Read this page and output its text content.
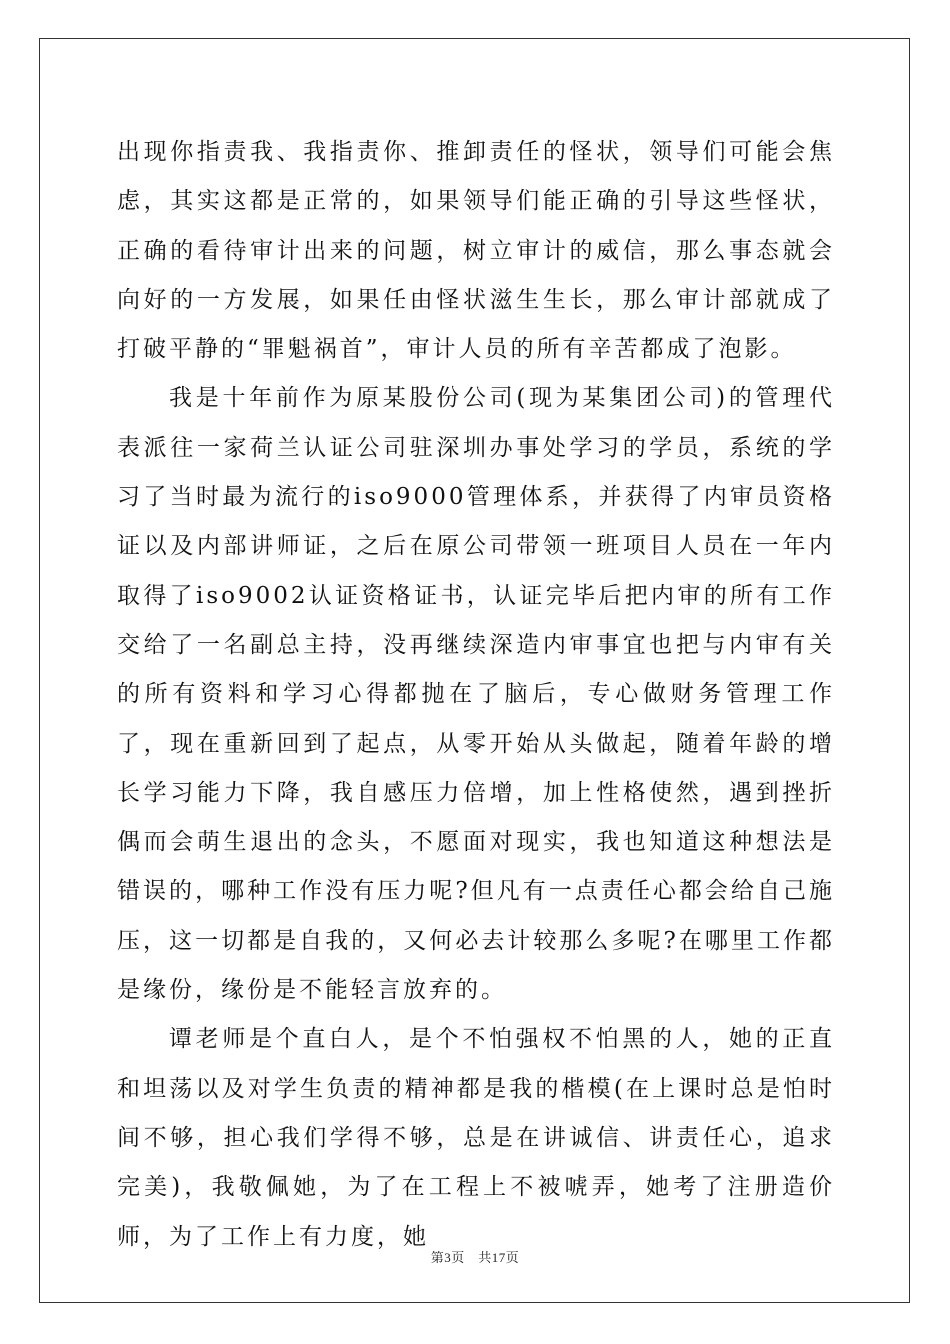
出现你指责我、我指责你、推卸责任的怪状，领导们可能会焦虑，其实这都是正常的，如果领导们能正确的引导这些怪状，正确的看待审计出来的问题，树立审计的威信，那么事态就会向好的一方发展，如果任由怪状滋生生长，那么审计部就成了打破平静的“罪魁祸首”，审计人员的所有辛苦都成了泡影。

我是十年前作为原某股份公司(现为某集团公司)的管理代表派往一家荷兰认证公司驻深圳办事处学习的学员，系统的学习了当时最为流行的iso9000管理体系，并获得了内审员资格证以及内部讲师证，之后在原公司带领一班项目人员在一年内取得了iso9002认证资格证书，认证完毕后把内审的所有工作交给了一名副总主持，没再继续深造内审事宜也把与内审有关的所有资料和学习心得都抛在了脑后，专心做财务管理工作了，现在重新回到了起点，从零开始从头做起，随着年龄的增长学习能力下降，我自感压力倍增，加上性格使然，遇到挫折偶而会萌生退出的念头，不愿面对现实，我也知道这种想法是错误的，哪种工作没有压力呢?但凡有一点责任心都会给自己施压，这一切都是自我的，又何必去计较那么多呢?在哪里工作都是缘份，缘份是不能轻言放弃的。

谭老师是个直白人，是个不怕强权不怕黑的人，她的正直和坦荡以及对学生负责的精神都是我的楷模(在上课时总是怕时间不够，担心我们学得不够，总是在讲诚信、讲责任心，追求完美)，我敬佩她，为了在工程上不被唬弄，她考了注册造价师，为了工作上有力度，她

第3页　共17页
